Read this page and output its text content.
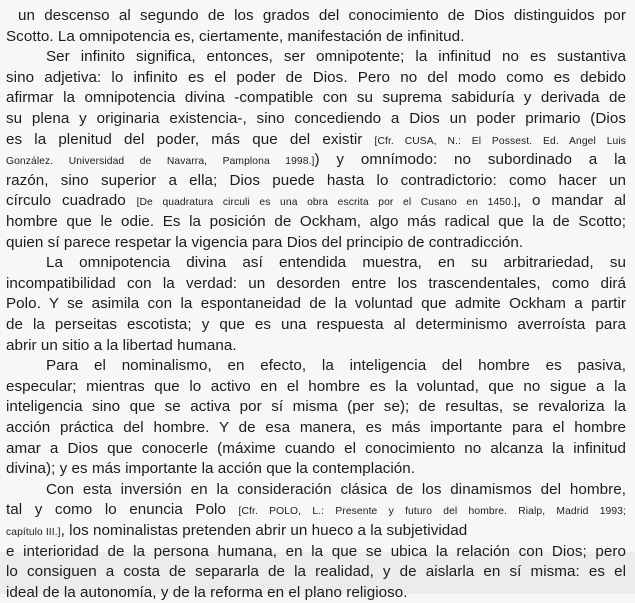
un descenso al segundo de los grados del conocimiento de Dios distinguidos por
Scotto. La omnipotencia es, ciertamente, manifestación de infinitud.
Ser infinito significa, entonces, ser omnipotente; la infinitud no es sustantiva
sino adjetiva: lo infinito es el poder de Dios. Pero no del modo como es debido
afirmar la omnipotencia divina -compatible con su suprema sabiduría y derivada de
su plena y originaria existencia-, sino concediendo a Dios un poder primario (Dios
es la plenitud del poder, más que del existir [Cfr. CUSA, N.: El Possest. Ed. Angel Luis
González. Universidad de Navarra, Pamplona 1998.]) y omnímodo: no subordinado a la
razón, sino superior a ella; Dios puede hasta lo contradictorio: como hacer un
círculo cuadrado [De quadratura circuli es una obra escrita por el Cusano en 1450.], o mandar al
hombre que le odie. Es la posición de Ockham, algo más radical que la de Scotto;
quien sí parece respetar la vigencia para Dios del principio de contradicción.
La omnipotencia divina así entendida muestra, en su arbitrariedad, su
incompatibilidad con la verdad: un desorden entre los trascendentales, como dirá
Polo. Y se asimila con la espontaneidad de la voluntad que admite Ockham a partir
de la perseitas escotista; y que es una respuesta al determinismo averroísta para
abrir un sitio a la libertad humana.
Para el nominalismo, en efecto, la inteligencia del hombre es pasiva,
especular; mientras que lo activo en el hombre es la voluntad, que no sigue a la
inteligencia sino que se activa por sí misma (per se); de resultas, se revaloriza la
acción práctica del hombre. Y de esa manera, es más importante para el hombre
amar a Dios que conocerle (máxime cuando el conocimiento no alcanza la infinitud
divina); y es más importante la acción que la contemplación.
Con esta inversión en la consideración clásica de los dinamismos del hombre,
tal y como lo enuncia Polo [Cfr. POLO, L.: Presente y futuro del hombre. Rialp, Madrid 1993;
capítulo III.], los nominalistas pretenden abrir un hueco a la subjetividad
e interioridad de la persona humana, en la que se ubica la relación con Dios; pero
lo consiguen a costa de separarla de la realidad, y de aislarla en sí misma: es el
ideal de la autonomía, y de la reforma en el plano religioso.
